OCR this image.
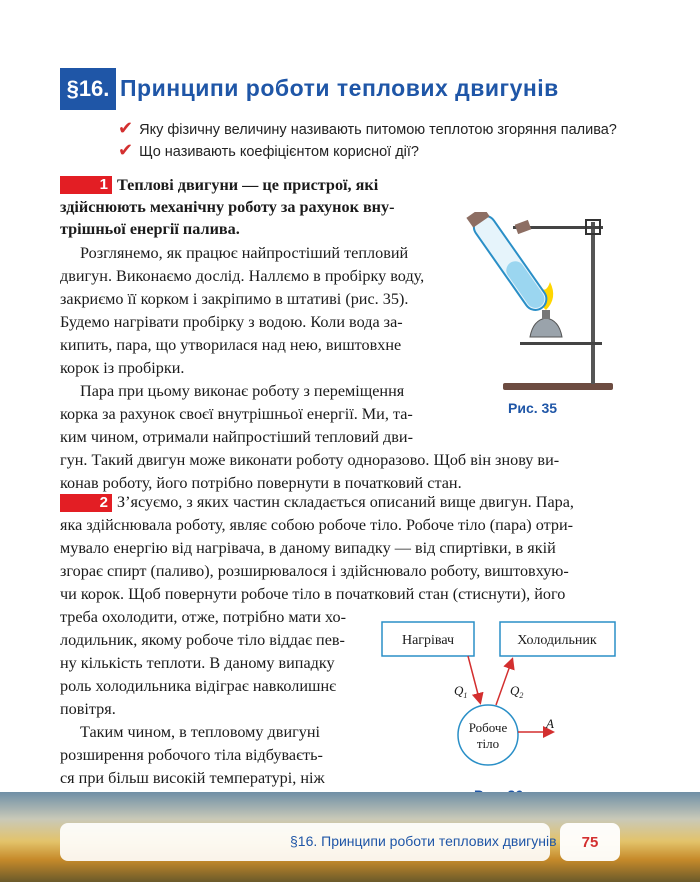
§16. Принципи роботи теплових двигунів
✔ Яку фізичну величину називають питомою теплотою згоряння палива?
✔ Що називають коефіцієнтом корисної дії?
1 Теплові двигуни — це пристрої, які
здійснюють механічну роботу за рахунок вну-
трішньої енергії палива.
Розглянемо, як працює найпростіший тепловий
двигун. Виконаємо дослід. Наллємо в пробірку воду,
закриємо її корком і закріпимо в штативі (рис. 35).
Будемо нагрівати пробірку з водою. Коли вода за-
кипить, пара, що утворилася над нею, виштовхне
корок із пробірки.
Пара при цьому виконає роботу з переміщення
корка за рахунок своєї внутрішньої енергії. Ми, та-
ким чином, отримали найпростіший тепловий дви-
гун. Такий двигун може виконати роботу одноразово. Щоб він знову ви-
конав роботу, його потрібно повернути в початковий стан.
Рис. 35
2 З’ясуємо, з яких частин складається описаний вище двигун. Пара,
яка здійснювала роботу, являє собою робоче тіло. Робоче тіло (пара) отри-
мувало енергію від нагрівача, в даному випадку — від спиртівки, в якій
згорає спирт (паливо), розширювалося і здійснювало роботу, виштовхую-
чи корок. Щоб повернути робоче тіло в початковий стан (стиснути), його
треба охолодити, отже, потрібно мати хо-
лодильник, якому робоче тіло віддає пев-
ну кількість теплоти. В даному випадку
роль холодильника відіграє навколишнє
повітря.
Таким чином, в тепловому двигуні
розширення робочого тіла відбуваєть-
ся при більш високій температурі, ніж
Нагрівач	Холодильник
Робоче
тіло
$Q_1$	$Q_2$
A
§16. Принципи роботи теплових двигунів	75
